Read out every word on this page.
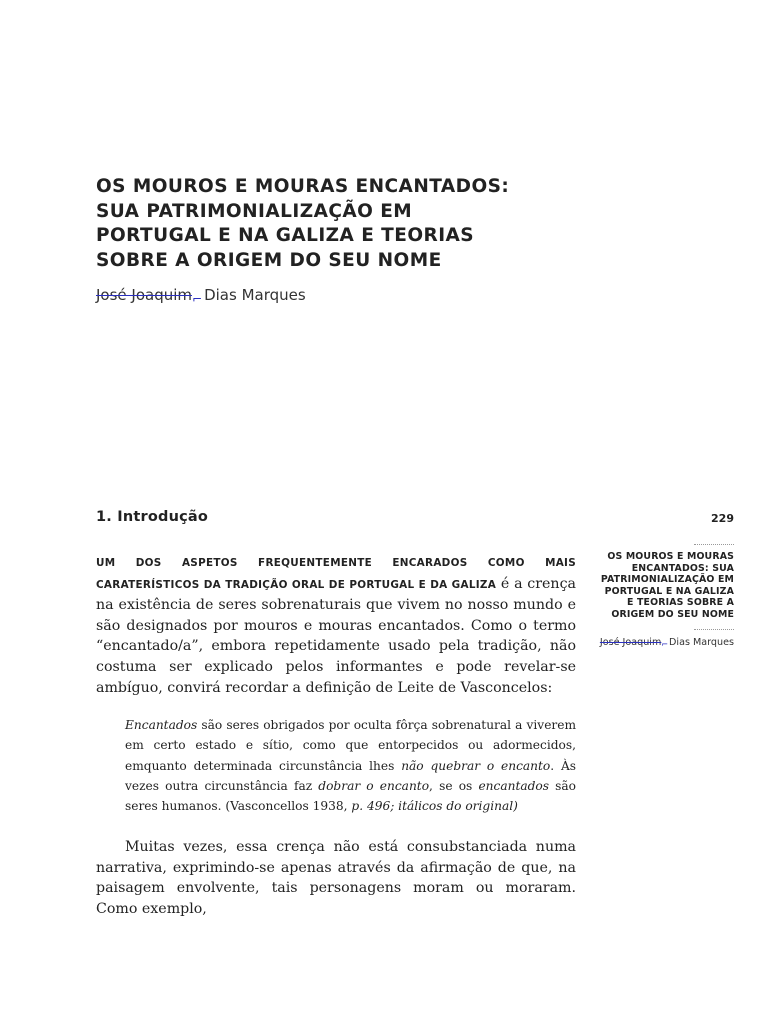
OS MOUROS E MOURAS ENCANTADOS:
SUA PATRIMONIALIZAÇÃO EM
PORTUGAL E NA GALIZA E TEORIAS
SOBRE A ORIGEM DO SEU NOME
José Joaquim⌐ Dias Marques
1. Introdução	229
OS MOUROS E MOURAS
ENCANTADOS: SUA
PATRIMONIALIZAÇÃO EM
PORTUGAL E NA GALIZA
E TEORIAS SOBRE A
ORIGEM DO SEU NOME
José Joaquim⌐Dias Marques

UM DOS ASPETOS FREQUENTEMENTE ENCARADOS COMO MAIS CARATERÍSTICOS DA TRADIÇÃO ORAL DE PORTUGAL E DA GALIZA é a crença na existência de seres sobrenaturais que vivem no nosso mundo e são designados por mouros e mouras encantados. Como o termo “encantado/a”, embora repetidamente usado pela tradição, não costuma ser explicado pelos informantes e pode revelar-se ambíguo, convirá recordar a definição de Leite de Vasconcelos:

Encantados são seres obrigados por oculta fôrça sobrenatural a viverem em certo estado e sítio, como que entorpecidos ou adormecidos, emquanto determinada circunstância lhes não quebrar o encanto. Às vezes outra circunstância faz dobrar o encanto, se os encantados são seres humanos. (Vasconcellos 1938, p. 496; itálicos do original)

Muitas vezes, essa crença não está consubstanciada numa narrativa, exprimindo-se apenas através da afirmação de que, na paisagem envolvente, tais personagens moram ou moraram. Como exemplo,
